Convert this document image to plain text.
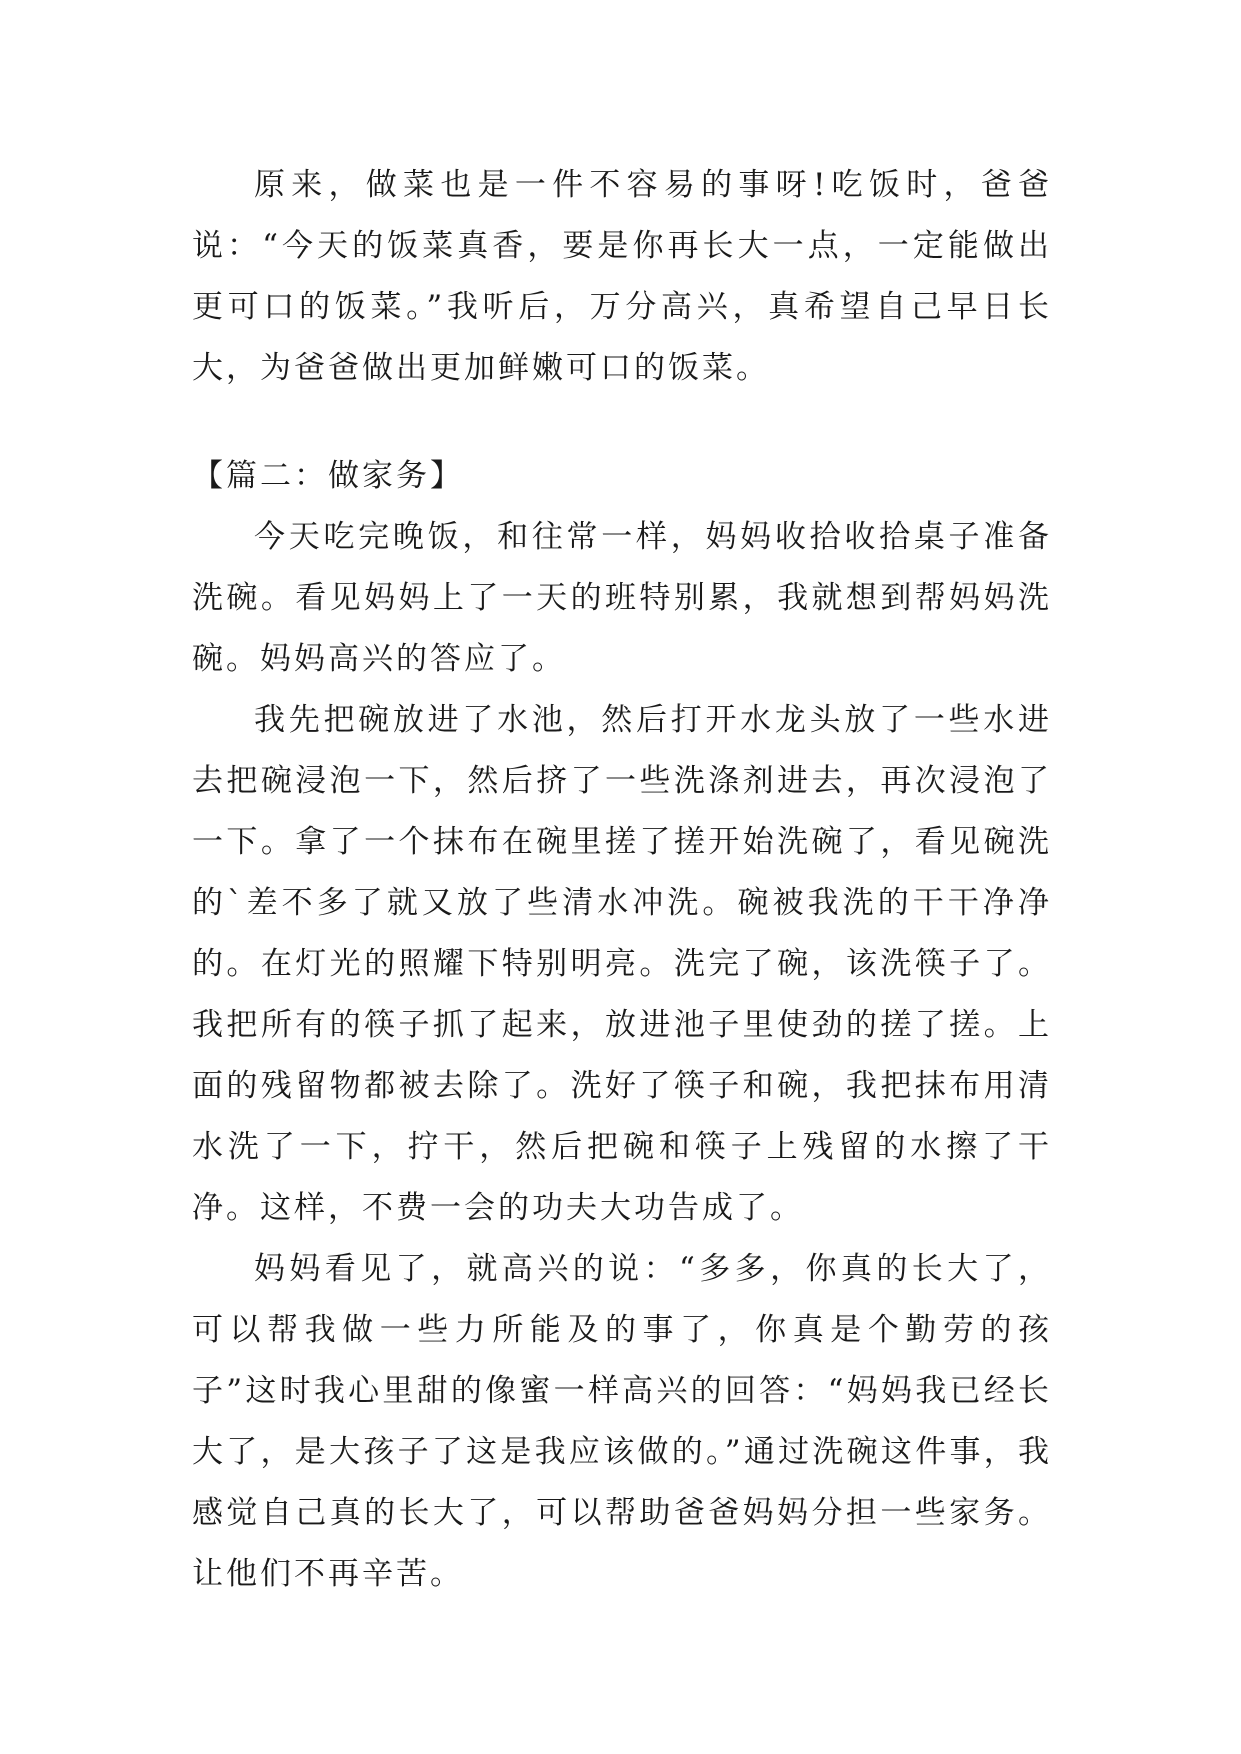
原来，做菜也是一件不容易的事呀!吃饭时，爸爸说：“今天的饭菜真香，要是你再长大一点，一定能做出更可口的饭菜。”我听后，万分高兴，真希望自己早日长大，为爸爸做出更加鲜嫩可口的饭菜。

【篇二：做家务】

今天吃完晚饭，和往常一样，妈妈收拾收拾桌子准备洗碗。看见妈妈上了一天的班特别累，我就想到帮妈妈洗碗。妈妈高兴的答应了。

我先把碗放进了水池，然后打开水龙头放了一些水进去把碗浸泡一下，然后挤了一些洗涤剂进去，再次浸泡了一下。拿了一个抹布在碗里搓了搓开始洗碗了，看见碗洗的`差不多了就又放了些清水冲洗。碗被我洗的干干净净的。在灯光的照耀下特别明亮。洗完了碗，该洗筷子了。我把所有的筷子抓了起来，放进池子里使劲的搓了搓。上面的残留物都被去除了。洗好了筷子和碗，我把抹布用清水洗了一下，拧干，然后把碗和筷子上残留的水擦了干净。这样，不费一会的功夫大功告成了。

妈妈看见了，就高兴的说：“多多，你真的长大了，可以帮我做一些力所能及的事了，你真是个勤劳的孩子”这时我心里甜的像蜜一样高兴的回答：“妈妈我已经长大了，是大孩子了这是我应该做的。”通过洗碗这件事，我感觉自己真的长大了，可以帮助爸爸妈妈分担一些家务。让他们不再辛苦。
